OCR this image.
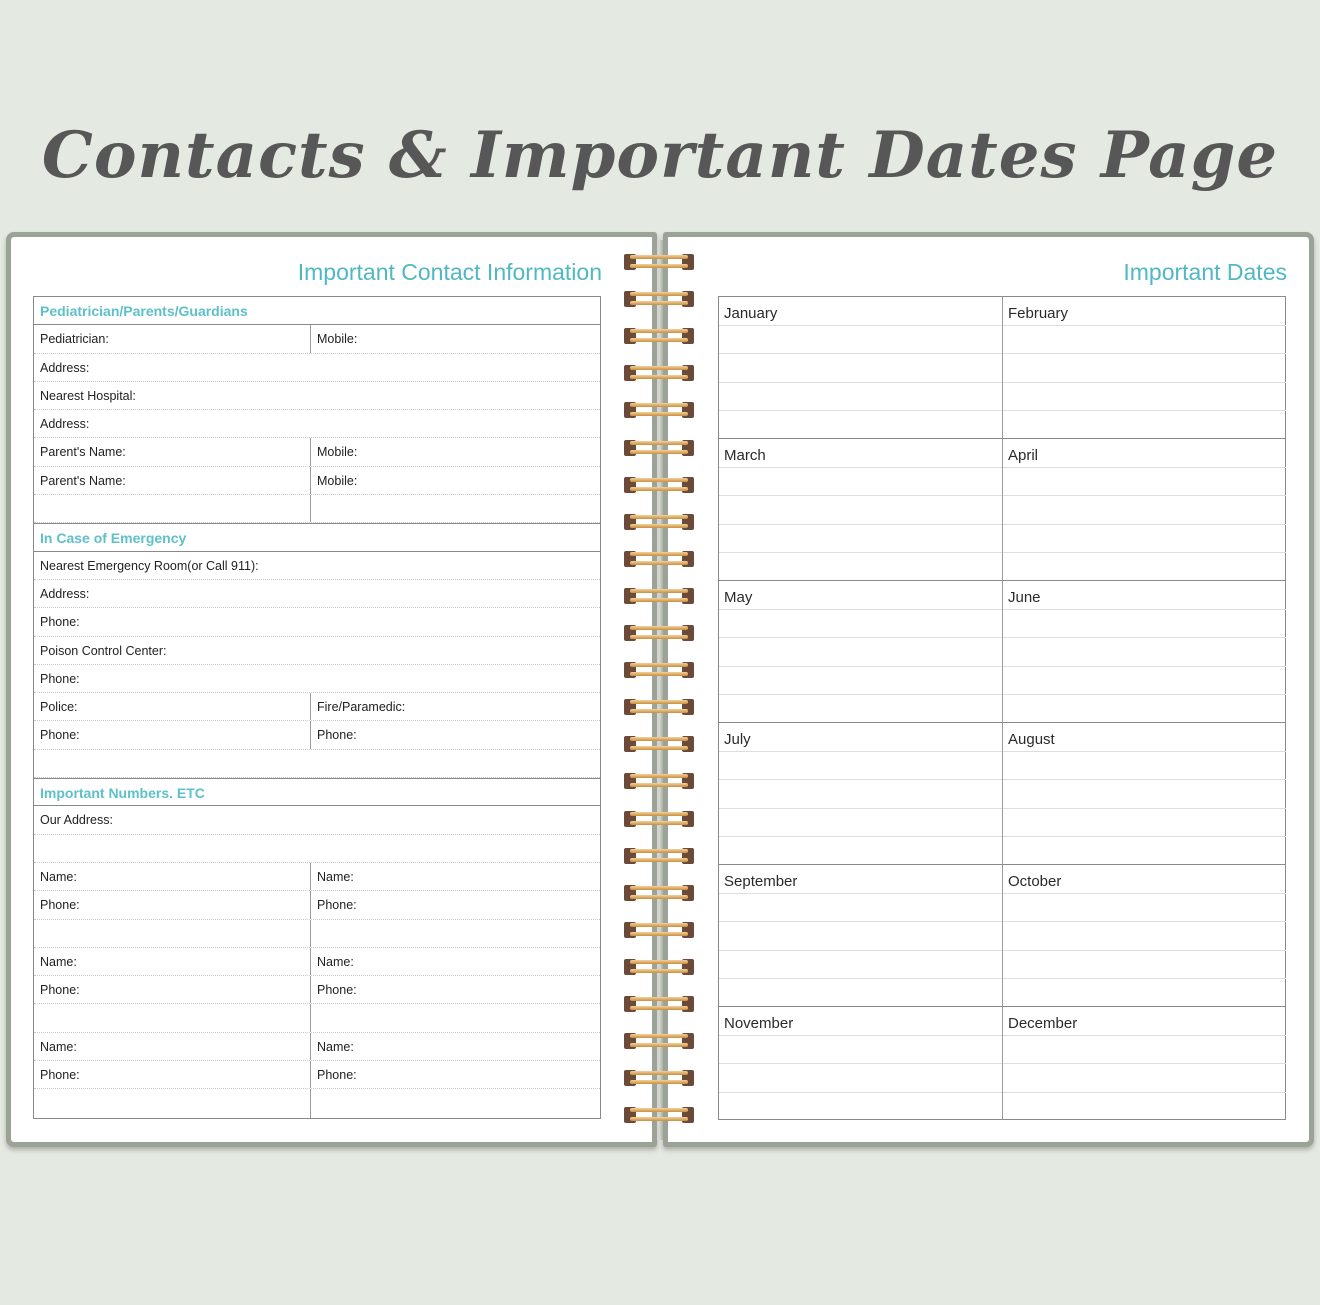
Contacts & Important Dates Page
Important Contact Information
Pediatrician/Parents/Guardians
Pediatrician:	Mobile:
Address:
Nearest Hospital:
Address:
Parent's Name:	Mobile:
Parent's Name:	Mobile:
In Case of Emergency
Nearest Emergency Room(or Call 911):
Address:
Phone:
Poison Control Center:
Phone:
Police:	Fire/Paramedic:
Phone:	Phone:
Important Numbers. ETC
Our Address:
Name:	Name:
Phone:	Phone:
Name:	Name:
Phone:	Phone:
Name:	Name:
Phone:	Phone:
Important Dates
January	February
March	April
May	June
July	August
September	October
November	December
